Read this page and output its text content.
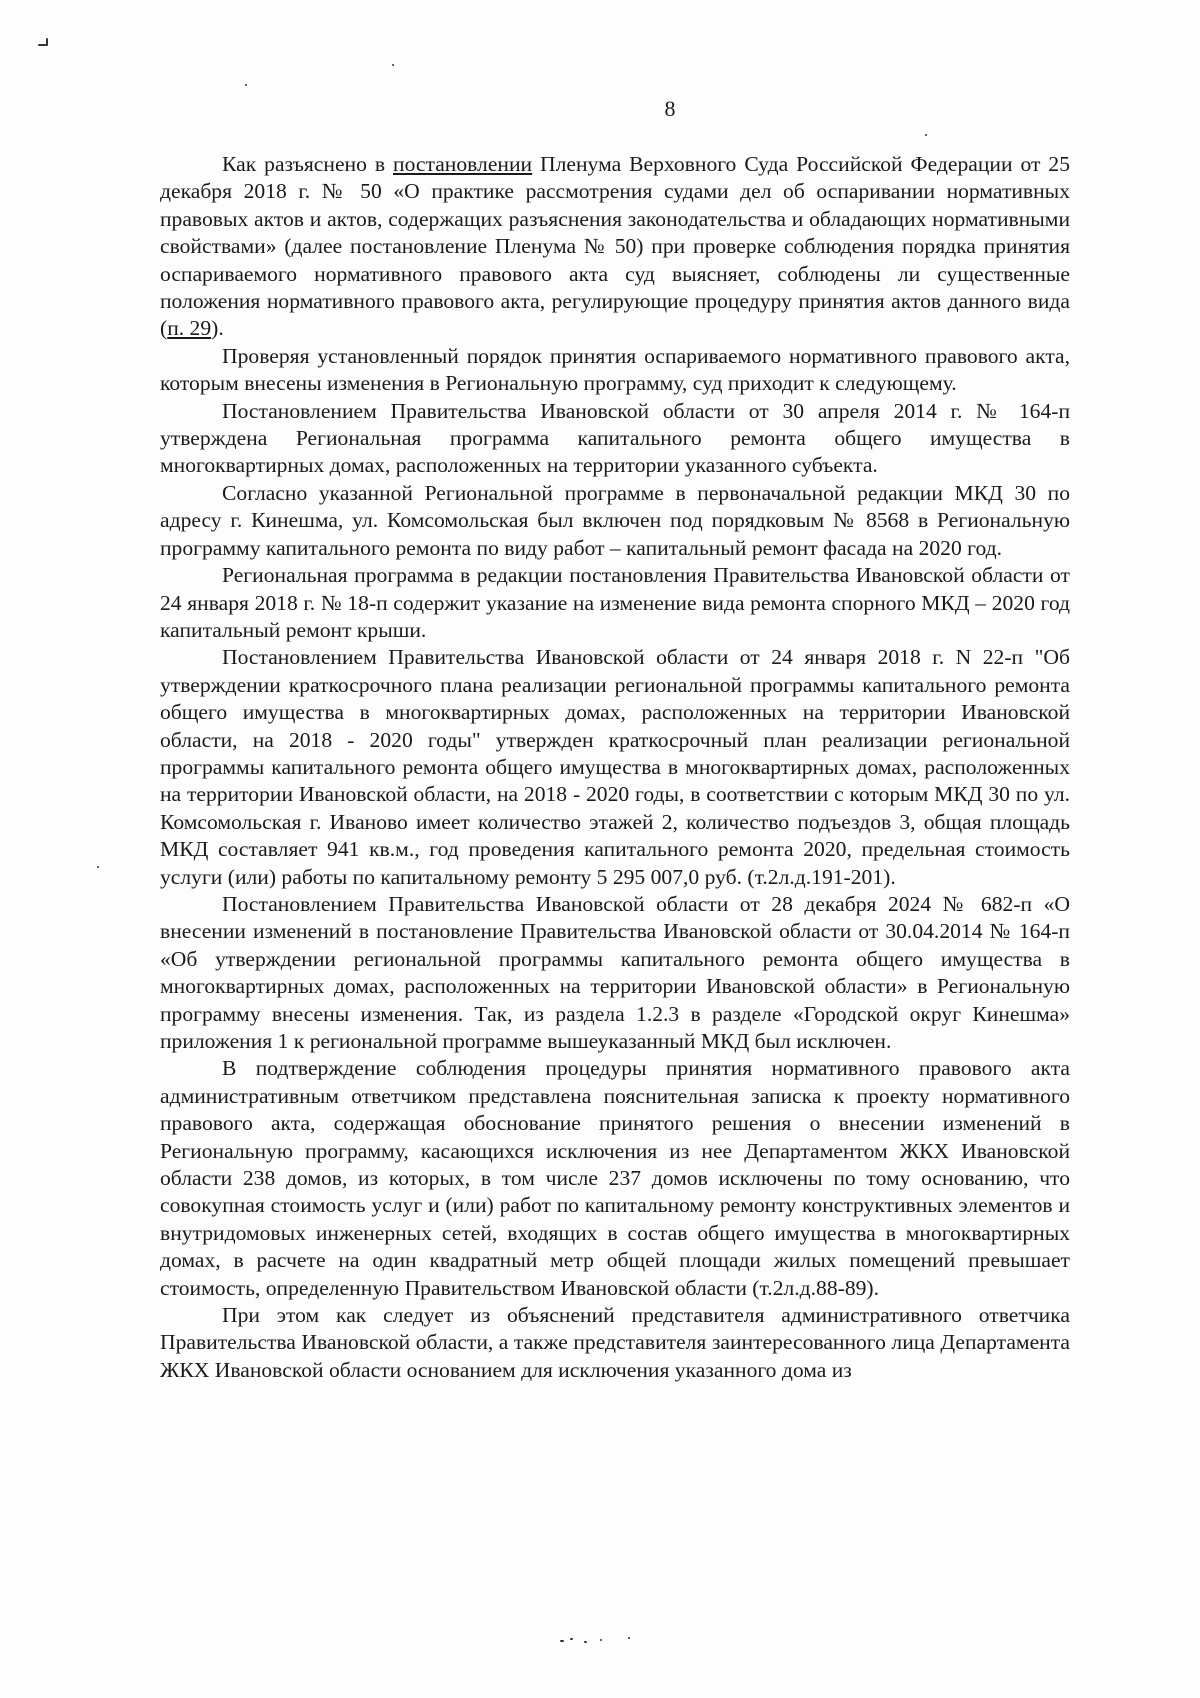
8

Как разъяснено в постановлении Пленума Верховного Суда Российской Федерации от 25 декабря 2018 г. № 50 «О практике рассмотрения судами дел об оспаривании нормативных правовых актов и актов, содержащих разъяснения законодательства и обладающих нормативными свойствами» (далее постановление Пленума № 50) при проверке соблюдения порядка принятия оспариваемого нормативного правового акта суд выясняет, соблюдены ли существенные положения нормативного правового акта, регулирующие процедуру принятия актов данного вида (п. 29).

Проверяя установленный порядок принятия оспариваемого нормативного правового акта, которым внесены изменения в Региональную программу, суд приходит к следующему.

Постановлением Правительства Ивановской области от 30 апреля 2014 г. № 164-п утверждена Региональная программа капитального ремонта общего имущества в многоквартирных домах, расположенных на территории указанного субъекта.

Согласно указанной Региональной программе в первоначальной редакции МКД 30 по адресу г. Кинешма, ул. Комсомольская был включен под порядковым № 8568 в Региональную программу капитального ремонта по виду работ – капитальный ремонт фасада на 2020 год.

Региональная программа в редакции постановления Правительства Ивановской области от 24 января 2018 г. № 18-п содержит указание на изменение вида ремонта спорного МКД – 2020 год капитальный ремонт крыши.

Постановлением Правительства Ивановской области от 24 января 2018 г. N 22-п "Об утверждении краткосрочного плана реализации региональной программы капитального ремонта общего имущества в многоквартирных домах, расположенных на территории Ивановской области, на 2018 - 2020 годы" утвержден краткосрочный план реализации региональной программы капитального ремонта общего имущества в многоквартирных домах, расположенных на территории Ивановской области, на 2018 - 2020 годы, в соответствии с которым МКД 30 по ул. Комсомольская г. Иваново имеет количество этажей 2, количество подъездов 3, общая площадь МКД составляет 941 кв.м., год проведения капитального ремонта 2020, предельная стоимость услуги (или) работы по капитальному ремонту 5 295 007,0 руб. (т.2л.д.191-201).

Постановлением Правительства Ивановской области от 28 декабря 2024 № 682-п «О внесении изменений в постановление Правительства Ивановской области от 30.04.2014 № 164-п «Об утверждении региональной программы капитального ремонта общего имущества в многоквартирных домах, расположенных на территории Ивановской области» в Региональную программу внесены изменения. Так, из раздела 1.2.3 в разделе «Городской округ Кинешма» приложения 1 к региональной программе вышеуказанный МКД был исключен.

В подтверждение соблюдения процедуры принятия нормативного правового акта административным ответчиком представлена пояснительная записка к проекту нормативного правового акта, содержащая обоснование принятого решения о внесении изменений в Региональную программу, касающихся исключения из нее Департаментом ЖКХ Ивановской области 238 домов, из которых, в том числе 237 домов исключены по тому основанию, что совокупная стоимость услуг и (или) работ по капитальному ремонту конструктивных элементов и внутридомовых инженерных сетей, входящих в состав общего имущества в многоквартирных домах, в расчете на один квадратный метр общей площади жилых помещений превышает стоимость, определенную Правительством Ивановской области (т.2л.д.88-89).

При этом как следует из объяснений представителя административного ответчика Правительства Ивановской области, а также представителя заинтересованного лица Департамента ЖКХ Ивановской области основанием для исключения указанного дома из
